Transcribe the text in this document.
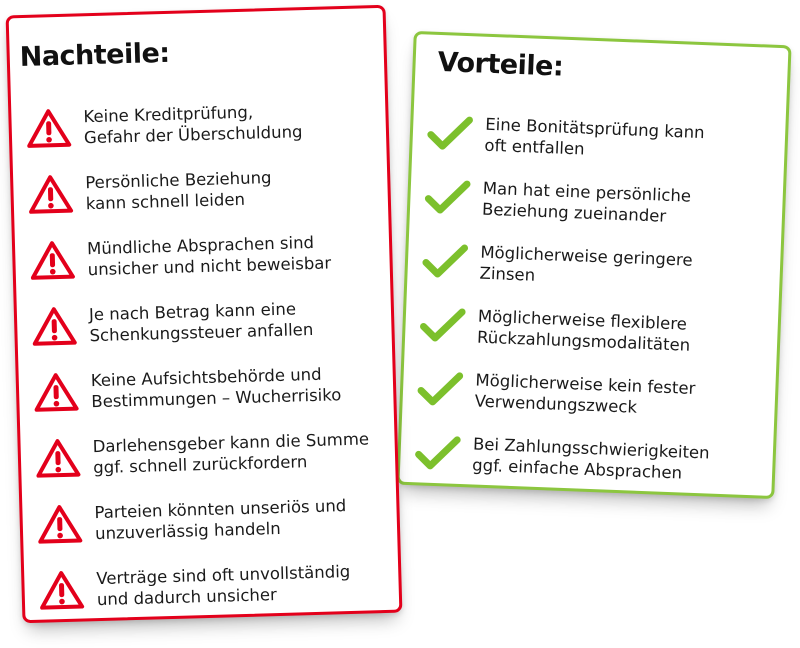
Vorteile:
Eine Bonitätsprüfung kann
oft entfallen
Man hat eine persönliche
Beziehung zueinander
Möglicherweise geringere
Zinsen
Möglicherweise flexiblere
Rückzahlungsmodalitäten
Möglicherweise kein fester
Verwendungszweck
Bei Zahlungsschwierigkeiten
ggf. einfache Absprachen
Nachteile:
Keine Kreditprüfung,
Gefahr der Überschuldung
Persönliche Beziehung
kann schnell leiden
Mündliche Absprachen sind
unsicher und nicht beweisbar
Je nach Betrag kann eine
Schenkungssteuer anfallen
Keine Aufsichtsbehörde und
Bestimmungen – Wucherrisiko
Darlehensgeber kann die Summe
ggf. schnell zurückfordern
Parteien könnten unseriös und
unzuverlässig handeln
Verträge sind oft unvollständig
und dadurch unsicher
